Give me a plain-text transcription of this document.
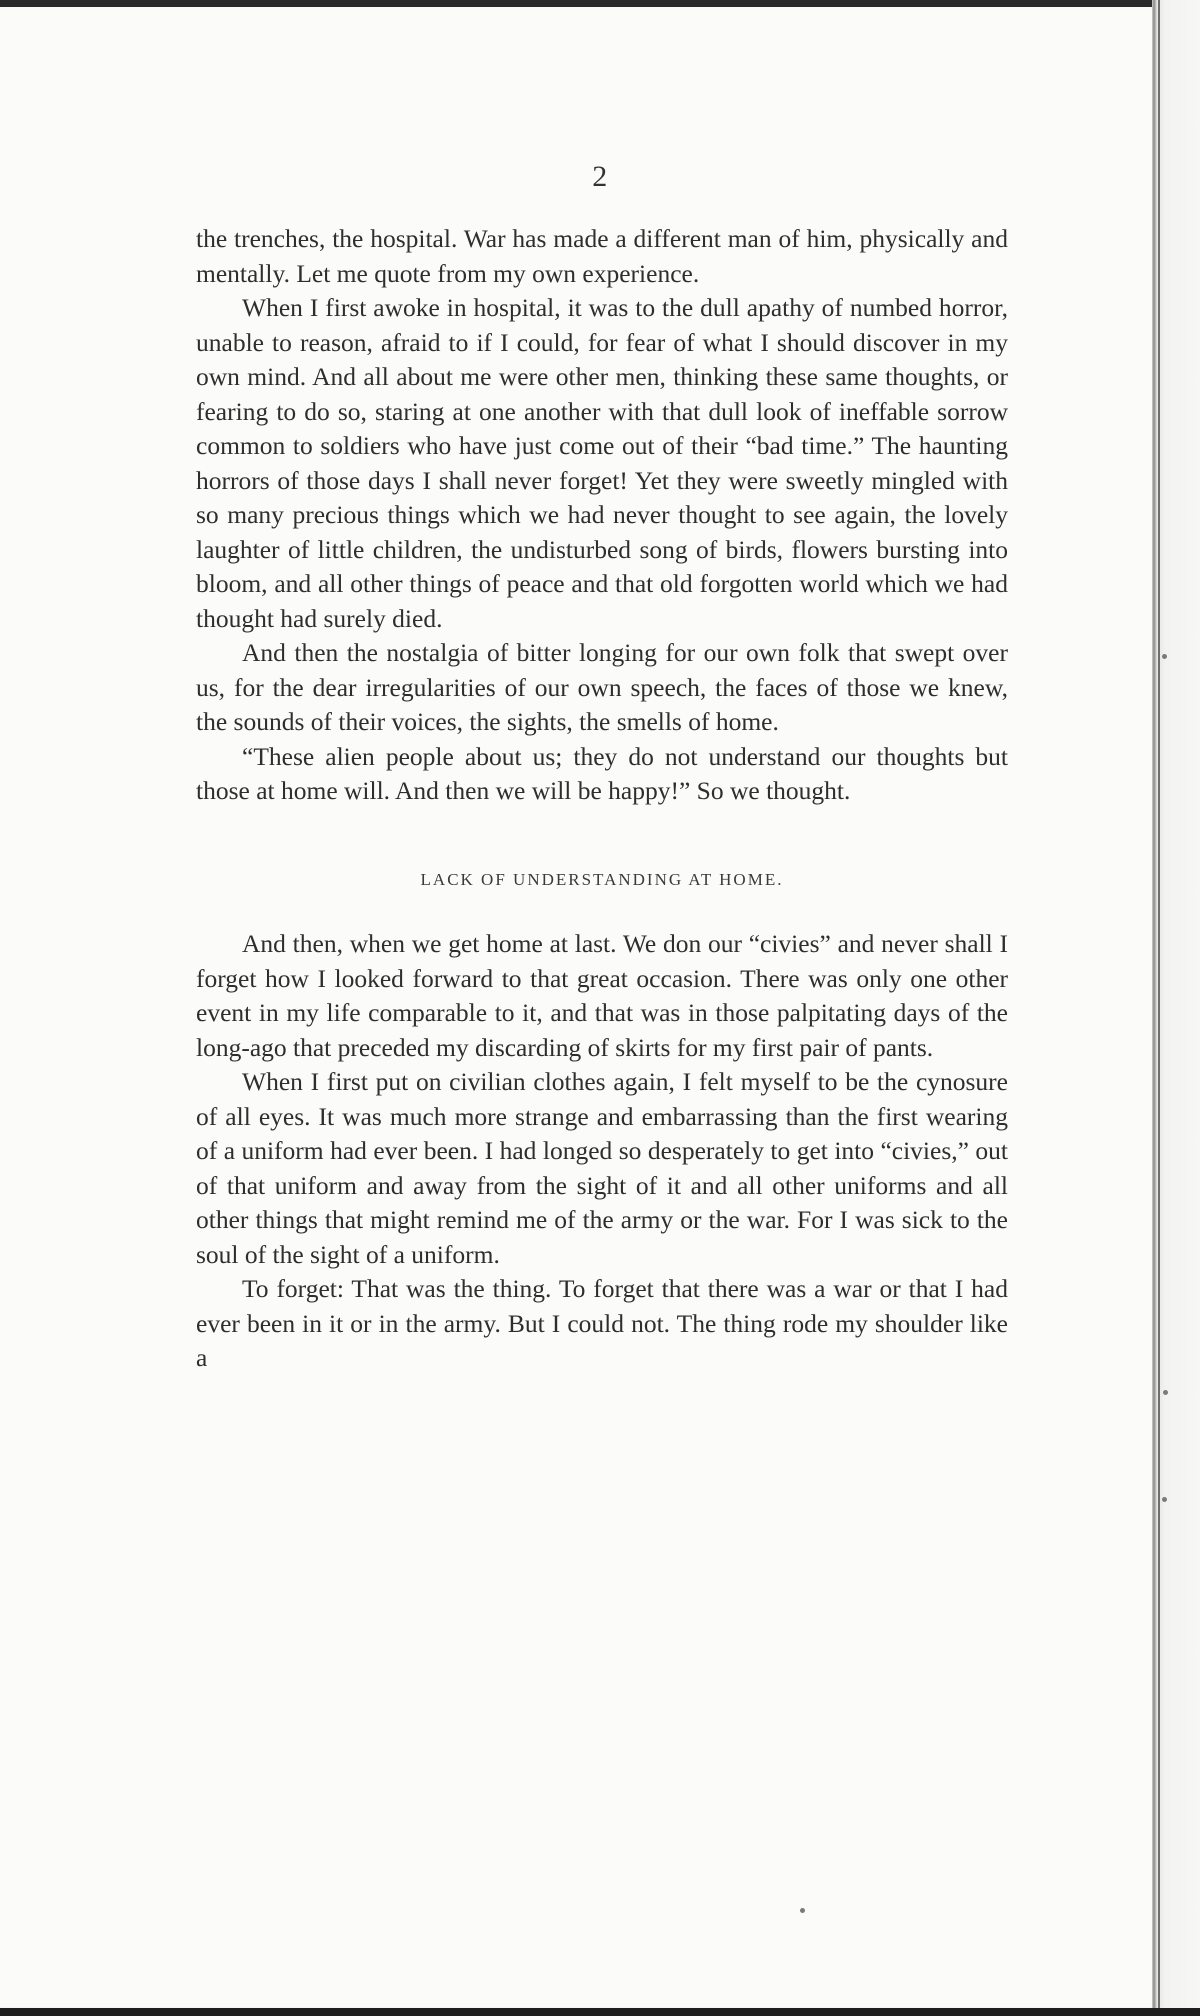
2

the trenches, the hospital. War has made a different man of him, physically and mentally. Let me quote from my own experience.

When I first awoke in hospital, it was to the dull apathy of numbed horror, unable to reason, afraid to if I could, for fear of what I should discover in my own mind. And all about me were other men, thinking these same thoughts, or fearing to do so, staring at one another with that dull look of ineffable sorrow common to soldiers who have just come out of their “bad time.” The haunting horrors of those days I shall never forget! Yet they were sweetly mingled with so many precious things which we had never thought to see again, the lovely laughter of little children, the undisturbed song of birds, flowers bursting into bloom, and all other things of peace and that old forgotten world which we had thought had surely died.

And then the nostalgia of bitter longing for our own folk that swept over us, for the dear irregularities of our own speech, the faces of those we knew, the sounds of their voices, the sights, the smells of home.

“These alien people about us; they do not understand our thoughts but those at home will. And then we will be happy!” So we thought.

LACK OF UNDERSTANDING AT HOME.

And then, when we get home at last. We don our “civies” and never shall I forget how I looked forward to that great occasion. There was only one other event in my life comparable to it, and that was in those palpitating days of the long-ago that preceded my discarding of skirts for my first pair of pants.

When I first put on civilian clothes again, I felt myself to be the cynosure of all eyes. It was much more strange and embarrassing than the first wearing of a uniform had ever been. I had longed so desperately to get into “civies,” out of that uniform and away from the sight of it and all other uniforms and all other things that might remind me of the army or the war. For I was sick to the soul of the sight of a uniform.

To forget: That was the thing. To forget that there was a war or that I had ever been in it or in the army. But I could not. The thing rode my shoulder like a
